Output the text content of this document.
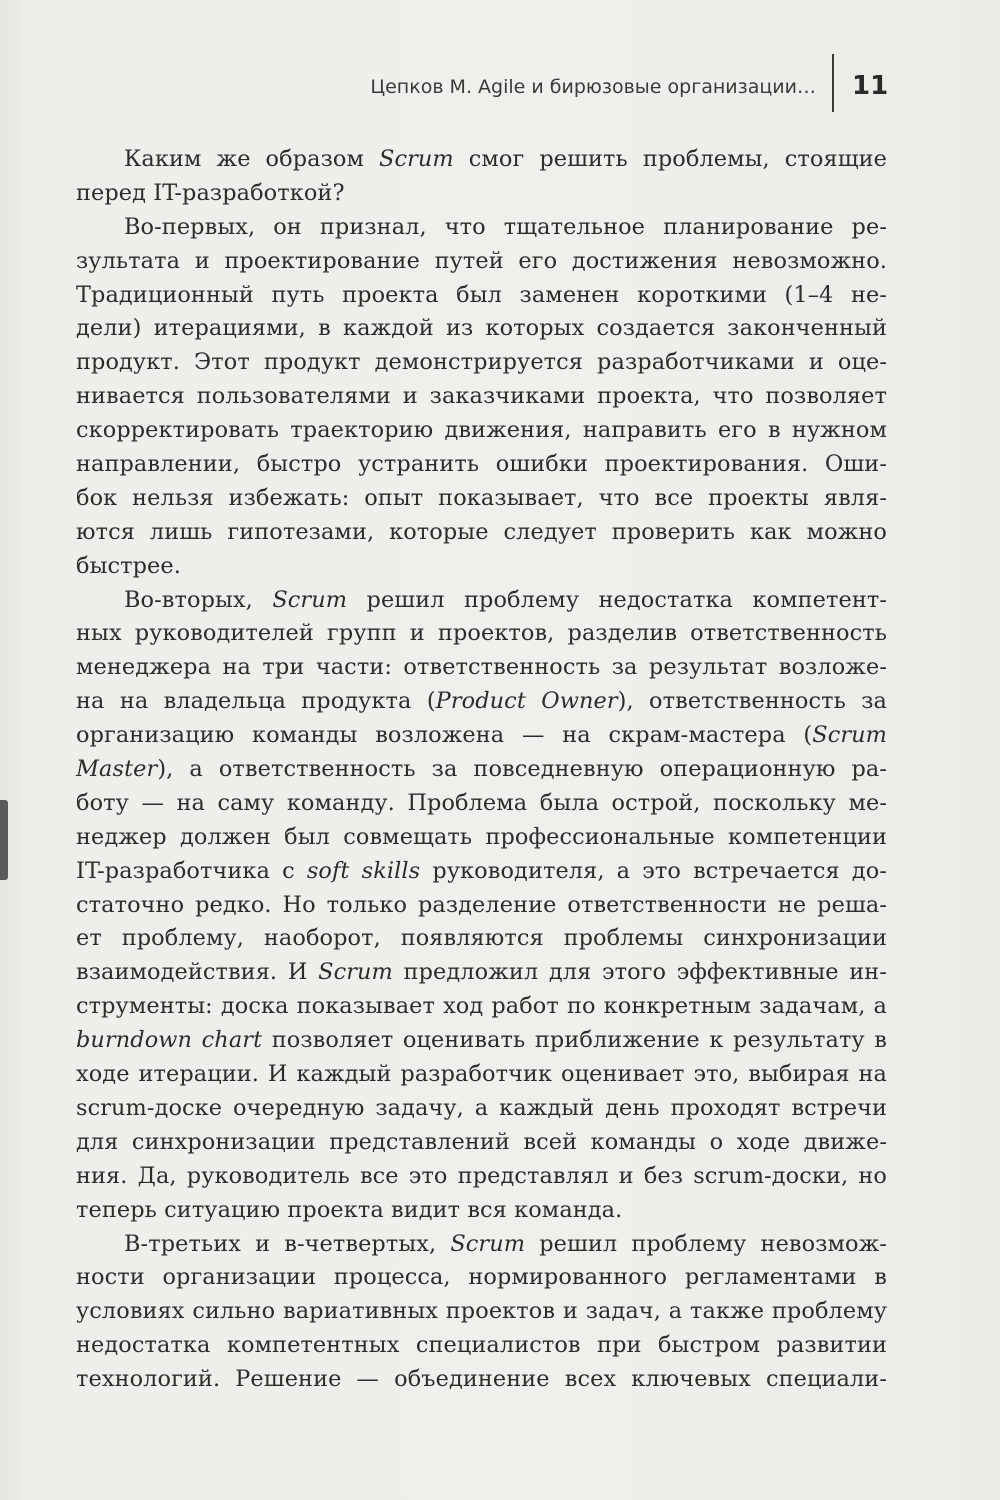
Цепков М. Agile и бирюзовые организации… 11
Каким же образом Scrum смог решить проблемы, стоящие
перед IT-разработкой?
Во-первых, он признал, что тщательное планирование ре-
зультата и проектирование путей его достижения невозможно.
Традиционный путь проекта был заменен короткими (1–4 не-
дели) итерациями, в каждой из которых создается законченный
продукт. Этот продукт демонстрируется разработчиками и оце-
нивается пользователями и заказчиками проекта, что позволяет
скорректировать траекторию движения, направить его в нужном
направлении, быстро устранить ошибки проектирования. Оши-
бок нельзя избежать: опыт показывает, что все проекты явля-
ются лишь гипотезами, которые следует проверить как можно
быстрее.
Во-вторых, Scrum решил проблему недостатка компетент-
ных руководителей групп и проектов, разделив ответственность
менеджера на три части: ответственность за результат возложе-
на на владельца продукта (Product Owner), ответственность за
организацию команды возложена — на скрам-мастера (Scrum
Master), а ответственность за повседневную операционную ра-
боту — на саму команду. Проблема была острой, поскольку ме-
неджер должен был совмещать профессиональные компетенции
IT-разработчика с soft skills руководителя, а это встречается до-
статочно редко. Но только разделение ответственности не реша-
ет проблему, наоборот, появляются проблемы синхронизации
взаимодействия. И Scrum предложил для этого эффективные ин-
струменты: доска показывает ход работ по конкретным задачам, а
burndown chart позволяет оценивать приближение к результату в
ходе итерации. И каждый разработчик оценивает это, выбирая на
scrum-доске очередную задачу, а каждый день проходят встречи
для синхронизации представлений всей команды о ходе движе-
ния. Да, руководитель все это представлял и без scrum-доски, но
теперь ситуацию проекта видит вся команда.
В-третьих и в-четвертых, Scrum решил проблему невозмож-
ности организации процесса, нормированного регламентами в
условиях сильно вариативных проектов и задач, а также проблему
недостатка компетентных специалистов при быстром развитии
технологий. Решение — объединение всех ключевых специали-
